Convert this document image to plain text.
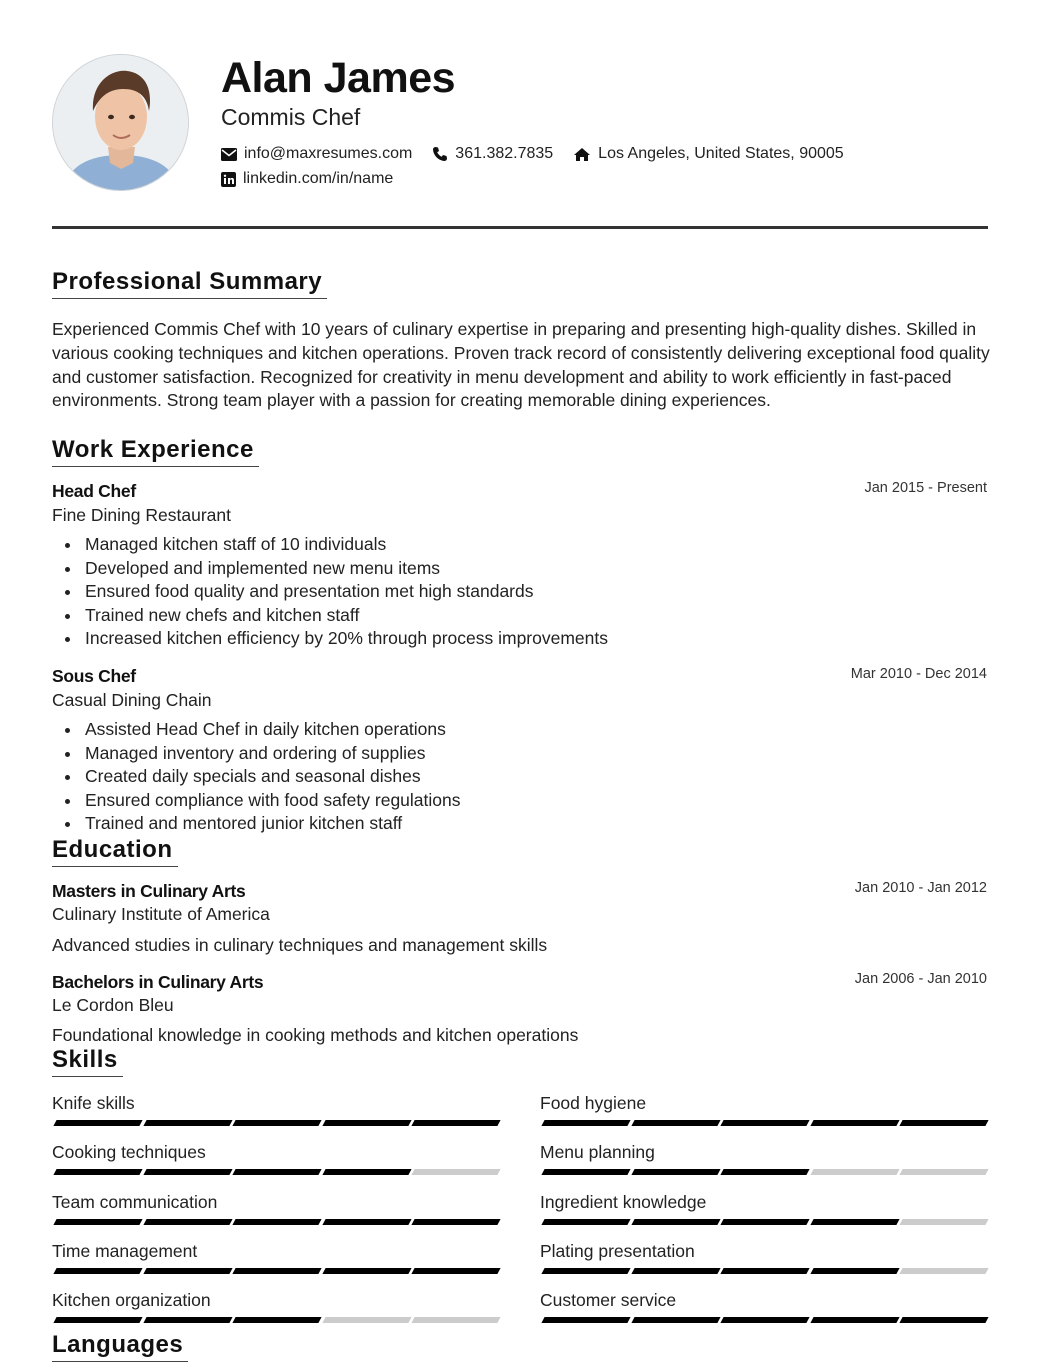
Alan James
Commis Chef
info@maxresumes.com	361.382.7835	Los Angeles, United States, 90005
linkedin.com/in/name
Professional Summary
Experienced Commis Chef with 10 years of culinary expertise in preparing and presenting high-quality dishes. Skilled in various cooking techniques and kitchen operations. Proven track record of consistently delivering exceptional food quality and customer satisfaction. Recognized for creativity in menu development and ability to work efficiently in fast-paced environments. Strong team player with a passion for creating memorable dining experiences.
Work Experience
Head Chef	Jan 2015 - Present
Fine Dining Restaurant
Managed kitchen staff of 10 individuals
Developed and implemented new menu items
Ensured food quality and presentation met high standards
Trained new chefs and kitchen staff
Increased kitchen efficiency by 20% through process improvements
Sous Chef	Mar 2010 - Dec 2014
Casual Dining Chain
Assisted Head Chef in daily kitchen operations
Managed inventory and ordering of supplies
Created daily specials and seasonal dishes
Ensured compliance with food safety regulations
Trained and mentored junior kitchen staff
Education
Masters in Culinary Arts	Jan 2010 - Jan 2012
Culinary Institute of America
Advanced studies in culinary techniques and management skills
Bachelors in Culinary Arts	Jan 2006 - Jan 2010
Le Cordon Bleu
Foundational knowledge in cooking methods and kitchen operations
Skills
Knife skills	Food hygiene
Cooking techniques	Menu planning
Team communication	Ingredient knowledge
Time management	Plating presentation
Kitchen organization	Customer service
Languages
